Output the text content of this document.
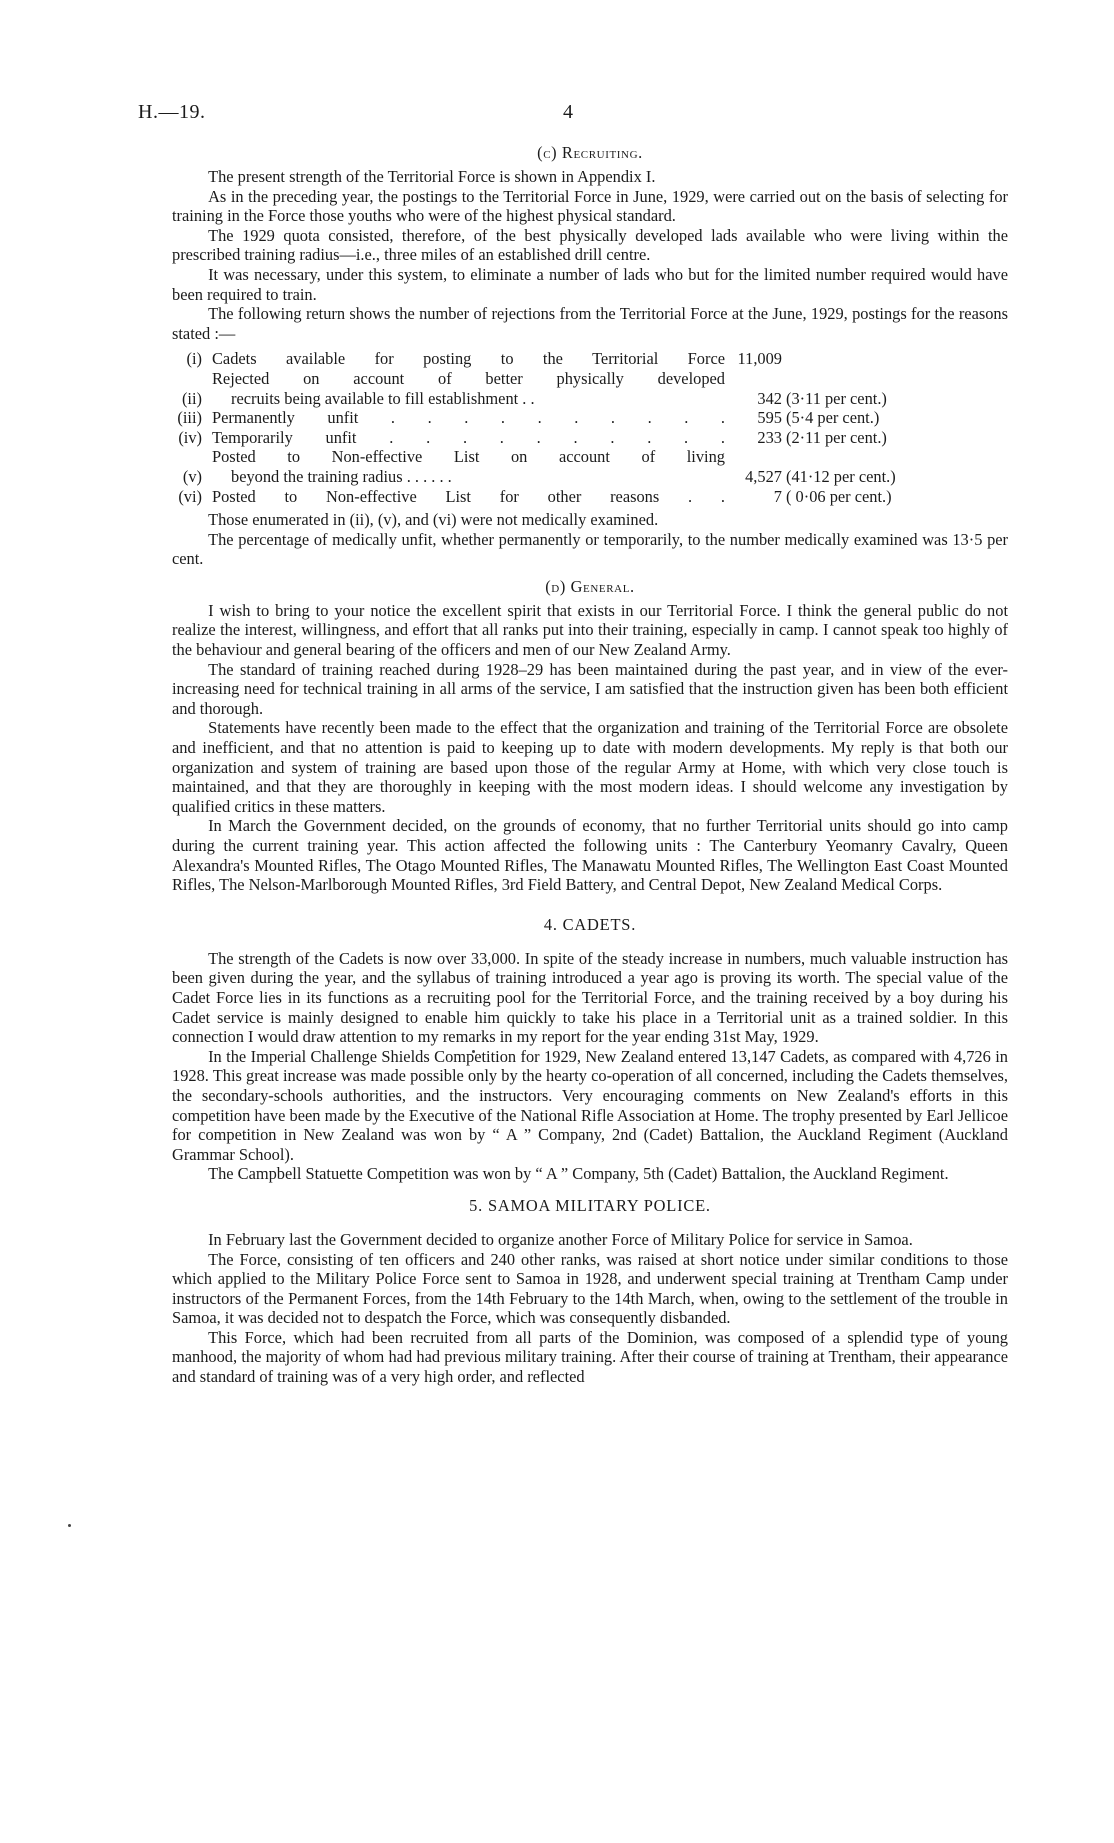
H.—19.	4
(c) Recruiting.

The present strength of the Territorial Force is shown in Appendix I.

As in the preceding year, the postings to the Territorial Force in June, 1929, were carried out on the basis of selecting for training in the Force those youths who were of the highest physical standard.

The 1929 quota consisted, therefore, of the best physically developed lads available who were living within the prescribed training radius—i.e., three miles of an established drill centre.

It was necessary, under this system, to eliminate a number of lads who but for the limited number required would have been required to train.

The following return shows the number of rejections from the Territorial Force at the June, 1929, postings for the reasons stated :—

(i) Cadets available for posting to the Territorial Force 11,009
(ii)
Rejected on account of better physically developed
recruits being available to fill establishment . .	342 (3·11 per cent.)
(iii) Permanently unfit . . . . . . . . . .	595 (5·4 per cent.)
(iv) Temporarily unfit . . . . . . . . . .	233 (2·11 per cent.)
(v)
Posted to Non-effective List on account of living
beyond the training radius . . . . . .	4,527 (41·12 per cent.)
(vi) Posted to Non-effective List for other reasons . .	7 ( 0·06 per cent.)

Those enumerated in (ii), (v), and (vi) were not medically examined.

The percentage of medically unfit, whether permanently or temporarily, to the number medically examined was 13·5 per cent.

(d) General.

I wish to bring to your notice the excellent spirit that exists in our Territorial Force. I think the general public do not realize the interest, willingness, and effort that all ranks put into their training, especially in camp. I cannot speak too highly of the behaviour and general bearing of the officers and men of our New Zealand Army.

The standard of training reached during 1928–29 has been maintained during the past year, and in view of the ever-increasing need for technical training in all arms of the service, I am satisfied that the instruction given has been both efficient and thorough.

Statements have recently been made to the effect that the organization and training of the Territorial Force are obsolete and inefficient, and that no attention is paid to keeping up to date with modern developments. My reply is that both our organization and system of training are based upon those of the regular Army at Home, with which very close touch is maintained, and that they are thoroughly in keeping with the most modern ideas. I should welcome any investigation by qualified critics in these matters.

In March the Government decided, on the grounds of economy, that no further Territorial units should go into camp during the current training year. This action affected the following units : The Canterbury Yeomanry Cavalry, Queen Alexandra's Mounted Rifles, The Otago Mounted Rifles, The Manawatu Mounted Rifles, The Wellington East Coast Mounted Rifles, The Nelson-Marlborough Mounted Rifles, 3rd Field Battery, and Central Depot, New Zealand Medical Corps.

4. CADETS.

The strength of the Cadets is now over 33,000. In spite of the steady increase in numbers, much valuable instruction has been given during the year, and the syllabus of training introduced a year ago is proving its worth. The special value of the Cadet Force lies in its functions as a recruiting pool for the Territorial Force, and the training received by a boy during his Cadet service is mainly designed to enable him quickly to take his place in a Territorial unit as a trained soldier. In this connection I would draw attention to my remarks in my report for the year ending 31st May, 1929.

In the Imperial Challenge Shields Competition for 1929, New Zealand entered 13,147 Cadets, as compared with 4,726 in 1928. This great increase was made possible only by the hearty co-operation of all concerned, including the Cadets themselves, the secondary-schools authorities, and the instructors. Very encouraging comments on New Zealand's efforts in this competition have been made by the Executive of the National Rifle Association at Home. The trophy presented by Earl Jellicoe for competition in New Zealand was won by “ A ” Company, 2nd (Cadet) Battalion, the Auckland Regiment (Auckland Grammar School).

The Campbell Statuette Competition was won by “ A ” Company, 5th (Cadet) Battalion, the Auckland Regiment.

5. SAMOA MILITARY POLICE.

In February last the Government decided to organize another Force of Military Police for service in Samoa.

The Force, consisting of ten officers and 240 other ranks, was raised at short notice under similar conditions to those which applied to the Military Police Force sent to Samoa in 1928, and underwent special training at Trentham Camp under instructors of the Permanent Forces, from the 14th February to the 14th March, when, owing to the settlement of the trouble in Samoa, it was decided not to despatch the Force, which was consequently disbanded.

This Force, which had been recruited from all parts of the Dominion, was composed of a splendid type of young manhood, the majority of whom had had previous military training. After their course of training at Trentham, their appearance and standard of training was of a very high order, and reflected
